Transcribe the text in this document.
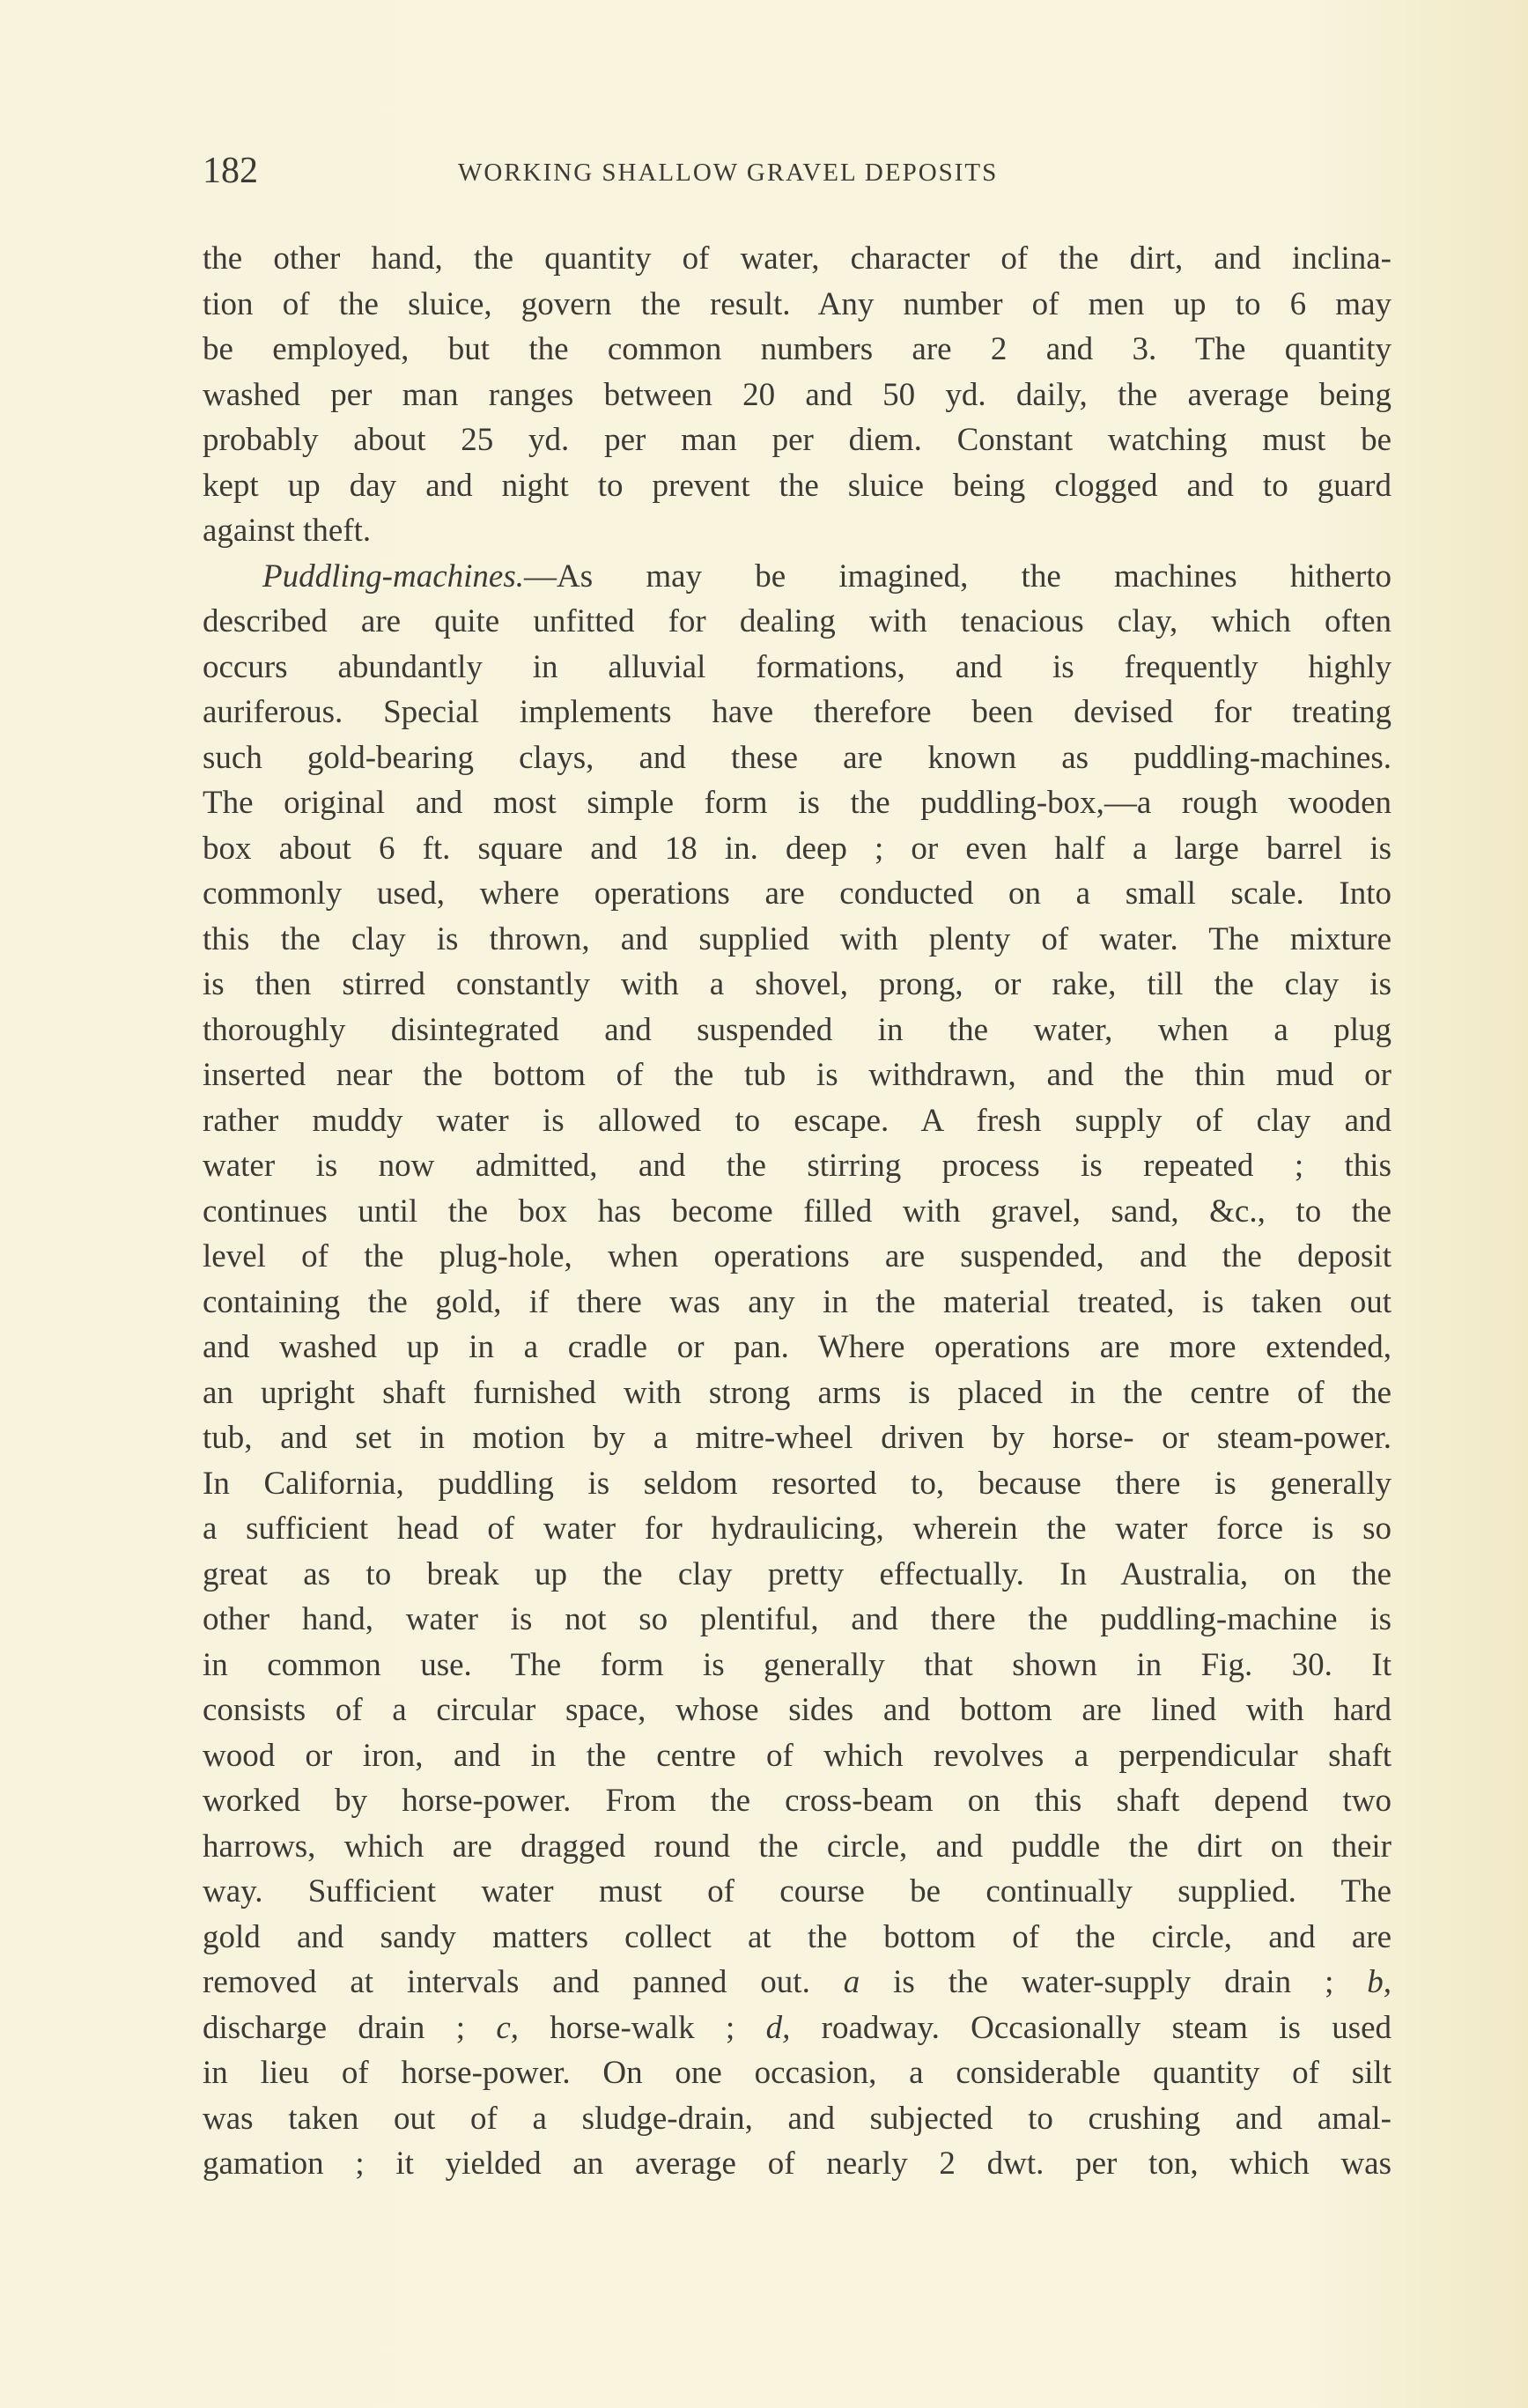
182	WORKING SHALLOW GRAVEL DEPOSITS
the other hand, the quantity of water, character of the dirt, and inclina-
tion of the sluice, govern the result. Any number of men up to 6 may
be employed, but the common numbers are 2 and 3. The quantity
washed per man ranges between 20 and 50 yd. daily, the average being
probably about 25 yd. per man per diem. Constant watching must be
kept up day and night to prevent the sluice being clogged and to guard
against theft.
Puddling-machines.—As may be imagined, the machines hitherto
described are quite unfitted for dealing with tenacious clay, which often
occurs abundantly in alluvial formations, and is frequently highly
auriferous. Special implements have therefore been devised for treating
such gold-bearing clays, and these are known as puddling-machines.
The original and most simple form is the puddling-box,—a rough wooden
box about 6 ft. square and 18 in. deep ; or even half a large barrel is
commonly used, where operations are conducted on a small scale. Into
this the clay is thrown, and supplied with plenty of water. The mixture
is then stirred constantly with a shovel, prong, or rake, till the clay is
thoroughly disintegrated and suspended in the water, when a plug
inserted near the bottom of the tub is withdrawn, and the thin mud or
rather muddy water is allowed to escape. A fresh supply of clay and
water is now admitted, and the stirring process is repeated ; this
continues until the box has become filled with gravel, sand, &c., to the
level of the plug-hole, when operations are suspended, and the deposit
containing the gold, if there was any in the material treated, is taken out
and washed up in a cradle or pan. Where operations are more extended,
an upright shaft furnished with strong arms is placed in the centre of the
tub, and set in motion by a mitre-wheel driven by horse- or steam-power.
In California, puddling is seldom resorted to, because there is generally
a sufficient head of water for hydraulicing, wherein the water force is so
great as to break up the clay pretty effectually. In Australia, on the
other hand, water is not so plentiful, and there the puddling-machine is
in common use. The form is generally that shown in Fig. 30. It
consists of a circular space, whose sides and bottom are lined with hard
wood or iron, and in the centre of which revolves a perpendicular shaft
worked by horse-power. From the cross-beam on this shaft depend two
harrows, which are dragged round the circle, and puddle the dirt on their
way. Sufficient water must of course be continually supplied. The
gold and sandy matters collect at the bottom of the circle, and are
removed at intervals and panned out. a is the water-supply drain ; b,
discharge drain ; c, horse-walk ; d, roadway. Occasionally steam is used
in lieu of horse-power. On one occasion, a considerable quantity of silt
was taken out of a sludge-drain, and subjected to crushing and amal-
gamation ; it yielded an average of nearly 2 dwt. per ton, which was
